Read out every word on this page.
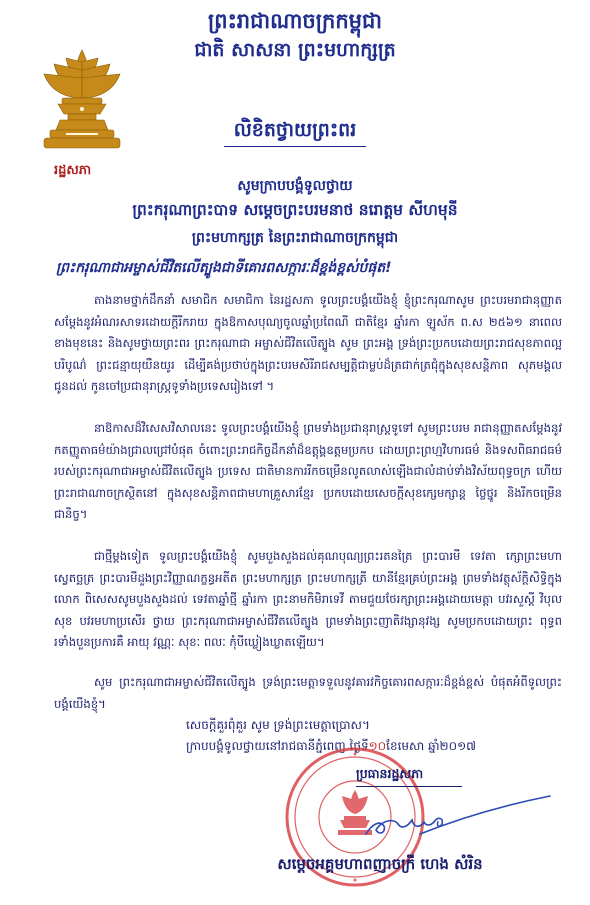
ព្រះរាជាណាចក្រកម្ពុជា
ជាតិ សាសនា ព្រះមហាក្សត្រ
រដ្ឋសភា
លិខិតថ្វាយព្រះពរ
សូមក្រាបបង្គំទូលថ្វាយ
ព្រះករុណាព្រះបាទ សម្តេចព្រះបរមនាថ នរោត្តម សីហមុនី
ព្រះមហាក្សត្រ នៃព្រះរាជាណាចក្រកម្ពុជា
ព្រះករុណាជាអម្ចាស់ជីវិតលើត្បូងជាទីគោរពសក្ការៈដ៏ខ្ពង់ខ្ពស់បំផុត!

តាងនាមថ្នាក់ដឹកនាំ សមាជិក សមាជិកា នៃរដ្ឋសភា ទូលព្រះបង្គំយើងខ្ញុំ ខ្ញុំព្រះករុណាសូម ព្រះបរមរាជានុញ្ញាតសម្តែងនូវអំណរសាទរដោយក្តីរីករាយ ក្នុងឱកាសបុណ្យចូលឆ្នាំប្រពៃណី ជាតិខ្មែរ ឆ្នាំរកា ឡូស័ក ព.ស ២៥៦១ នាពេលខាងមុខនេះ និងសូមថ្វាយព្រះពរ ព្រះករុណាជា អម្ចាស់ជីវិតលើត្បូង សូម ព្រះអង្គ ទ្រង់ព្រះប្រកបដោយព្រះរាជសុខភាពល្អបរិបូណ៌ ព្រះជន្មាយុយឺនយូរ ដើម្បីគង់ប្រថាប់ក្នុងព្រះបរមសិរីរាជសម្បត្តិជាម្លប់ដ៏ត្រជាក់ត្រជុំក្នុងសុខសន្តិភាព សុភមង្គល ជូនដល់ កូនចៅប្រជានុរាស្ត្រទូទាំងប្រទេសរៀងទៅ ។

នាឱកាសដ៏វិសេសវិសាលនេះ ទូលព្រះបង្គំយើងខ្ញុំ ព្រមទាំងប្រជានុរាស្ត្រទូទៅ សូមព្រះបរម រាជានុញ្ញាតសម្តែងនូវកតញ្ញូតាធម៌យ៉ាងជ្រាលជ្រៅបំផុត ចំពោះព្រះរាជកិច្ចដឹកនាំដ៏ឧត្តុង្គឧត្តមប្រកប ដោយព្រះព្រហ្មវិហារធម៌ និងទសពិធរាជធម៌របស់ព្រះករុណាជាអម្ចាស់ជីវិតលើត្បូង ប្រទេស ជាតិមានការរីកចម្រើនលូតលាស់ឡើងជាលំដាប់ទាំងវិស័យពុទ្ធចក្រ ហើយព្រះរាជាណាចក្រស្ថិតនៅ ក្នុងសុខសន្តិភាពជាមហាគ្រួសារខ្មែរ ប្រកបដោយសេចក្តីសុខក្សេមក្សាន្ត ថ្លៃថ្នូរ និងរីកចម្រើនជានិច្ច។

ជាថ្មីម្តងទៀត ទូលព្រះបង្គំយើងខ្ញុំ សូមបួងសួងដល់គុណបុណ្យព្រះរតនត្រៃ ព្រះបារមី ទេវតា ក្សោព្រះមហាស្វេតច្ឆត្រ ព្រះបារមីដួងព្រះវិញ្ញាណក្ខន្ធអតីត ព្រះមហាក្សត្រ ព្រះមហាក្សត្រី យានីខ្មែរគ្រប់ព្រះអង្គ ព្រមទាំងវត្ថុស័ក្តិសិទ្ធិក្នុងលោក ពិសេសសូមបួងសួងដល់ ទេវតាឆ្នាំថ្មី ឆ្នាំរកា ព្រះនាមកិមិរាទេវី តាមជួយថែរក្សាព្រះអង្គដោយមេត្តា បវរសួស្តី វិបុលសុខ បវរមហាប្រសើរ ថ្វាយ ព្រះករុណាជាអម្ចាស់ជីវិតលើត្បូង ព្រមទាំងព្រះញាតិវង្សានុវង្ស សូមប្រកបដោយព្រះ ពុទ្ធពរទាំងបួនប្រការគឺ អាយុ វណ្ណៈ សុខៈ ពលៈ កុំបីឃ្លៀងឃ្លាតឡើយ។

សូម ព្រះករុណាជាអម្ចាស់ជីវិតលើត្បូង ទ្រង់ព្រះមេត្តាទទួលនូវគារវកិច្ចគោរពសក្ការៈដ៏ខ្ពង់ខ្ពស់ បំផុតអំពីទូលព្រះបង្គំយើងខ្ញុំ។

សេចក្តីគួរពុំគួរ សូម ទ្រង់ព្រះមេត្តាប្រោស។
ក្រាបបង្គំទូលថ្វាយនៅរាជធានីភ្នំពេញ ថ្ងៃទី១០ខែមេសា ឆ្នាំ២០១៧
ប្រធានរដ្ឋសភា
សម្តេចអគ្គមហាពញាចក្រី ហេង សំរិន
